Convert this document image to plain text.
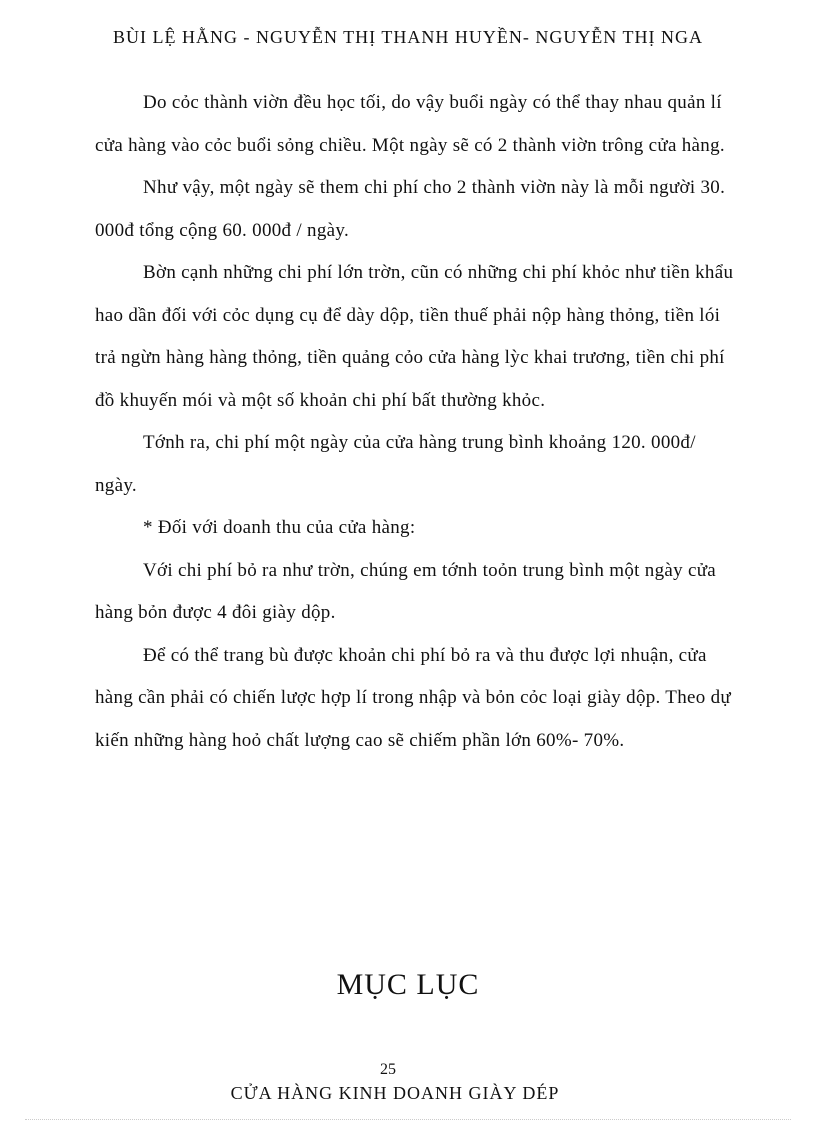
BÙI LỆ HẰNG - NGUYỄN THỊ THANH HUYỀN- NGUYỄN THỊ NGA

Do cỏc thành viờn đều học tối, do vậy buổi ngày có thể thay nhau quản lí cửa hàng vào cỏc buổi sỏng chiều. Một ngày sẽ có 2 thành viờn trông cửa hàng.

Như vậy, một ngày sẽ them chi phí cho 2 thành viờn này là mỗi người 30. 000đ tổng cộng 60. 000đ / ngày.

Bờn cạnh những chi phí lớn trờn, cũn có những chi phí khỏc như tiền khẩu hao dần đối với cỏc dụng cụ để dày dộp, tiền thuế phải nộp hàng thỏng, tiền lói trả ngừn hàng hàng thỏng, tiền quảng cỏo cửa hàng lỳc khai trương, tiền chi phí đồ khuyến mói và một số khoản chi phí bất thường khỏc.

Tớnh ra, chi phí một ngày của cửa hàng trung bình khoảng 120. 000đ/ ngày.

* Đối với doanh thu của cửa hàng:

Với chi phí bỏ ra như trờn, chúng em tớnh toỏn trung bình một ngày cửa hàng bỏn được 4 đôi giày dộp.

Để có thể trang bù được khoản chi phí bỏ ra và thu được lợi nhuận, cửa hàng cần phải có chiến lược hợp lí trong nhập và bỏn cỏc loại giày dộp. Theo dự kiến những hàng hoỏ chất lượng cao sẽ chiếm phần lớn 60%- 70%.

MỤC LỤC
25
CỬA HÀNG KINH DOANH GIÀY DÉP
